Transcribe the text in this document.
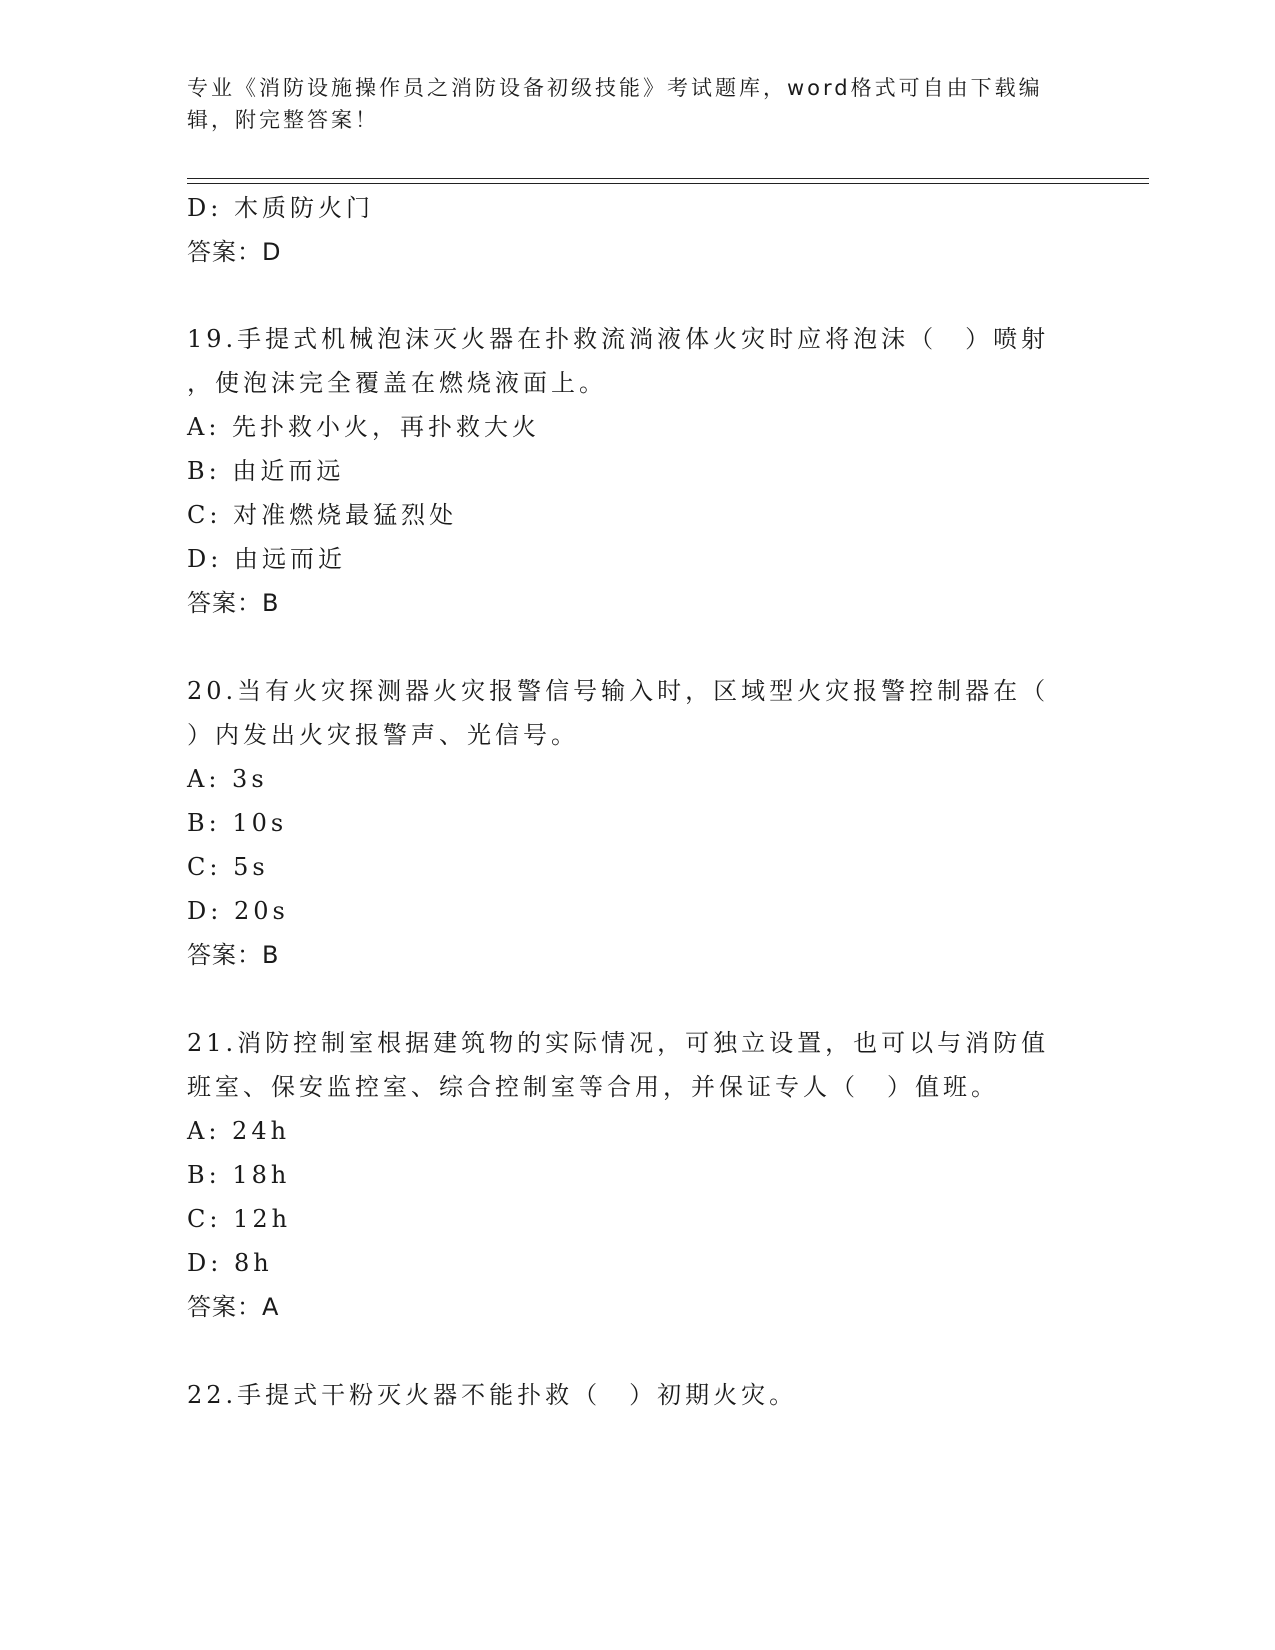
专业《消防设施操作员之消防设备初级技能》考试题库，word格式可自由下载编
辑，附完整答案！
D: 木质防火门
答案：D
19.手提式机械泡沫灭火器在扑救流淌液体火灾时应将泡沫（　）喷射
，使泡沫完全覆盖在燃烧液面上。
A: 先扑救小火，再扑救大火
B: 由近而远
C: 对准燃烧最猛烈处
D: 由远而近
答案：B
20.当有火灾探测器火灾报警信号输入时，区域型火灾报警控制器在（
）内发出火灾报警声、光信号。
A: 3s
B: 10s
C: 5s
D: 20s
答案：B
21.消防控制室根据建筑物的实际情况，可独立设置，也可以与消防值
班室、保安监控室、综合控制室等合用，并保证专人（　）值班。
A: 24h
B: 18h
C: 12h
D: 8h
答案：A
22.手提式干粉灭火器不能扑救（　）初期火灾。
